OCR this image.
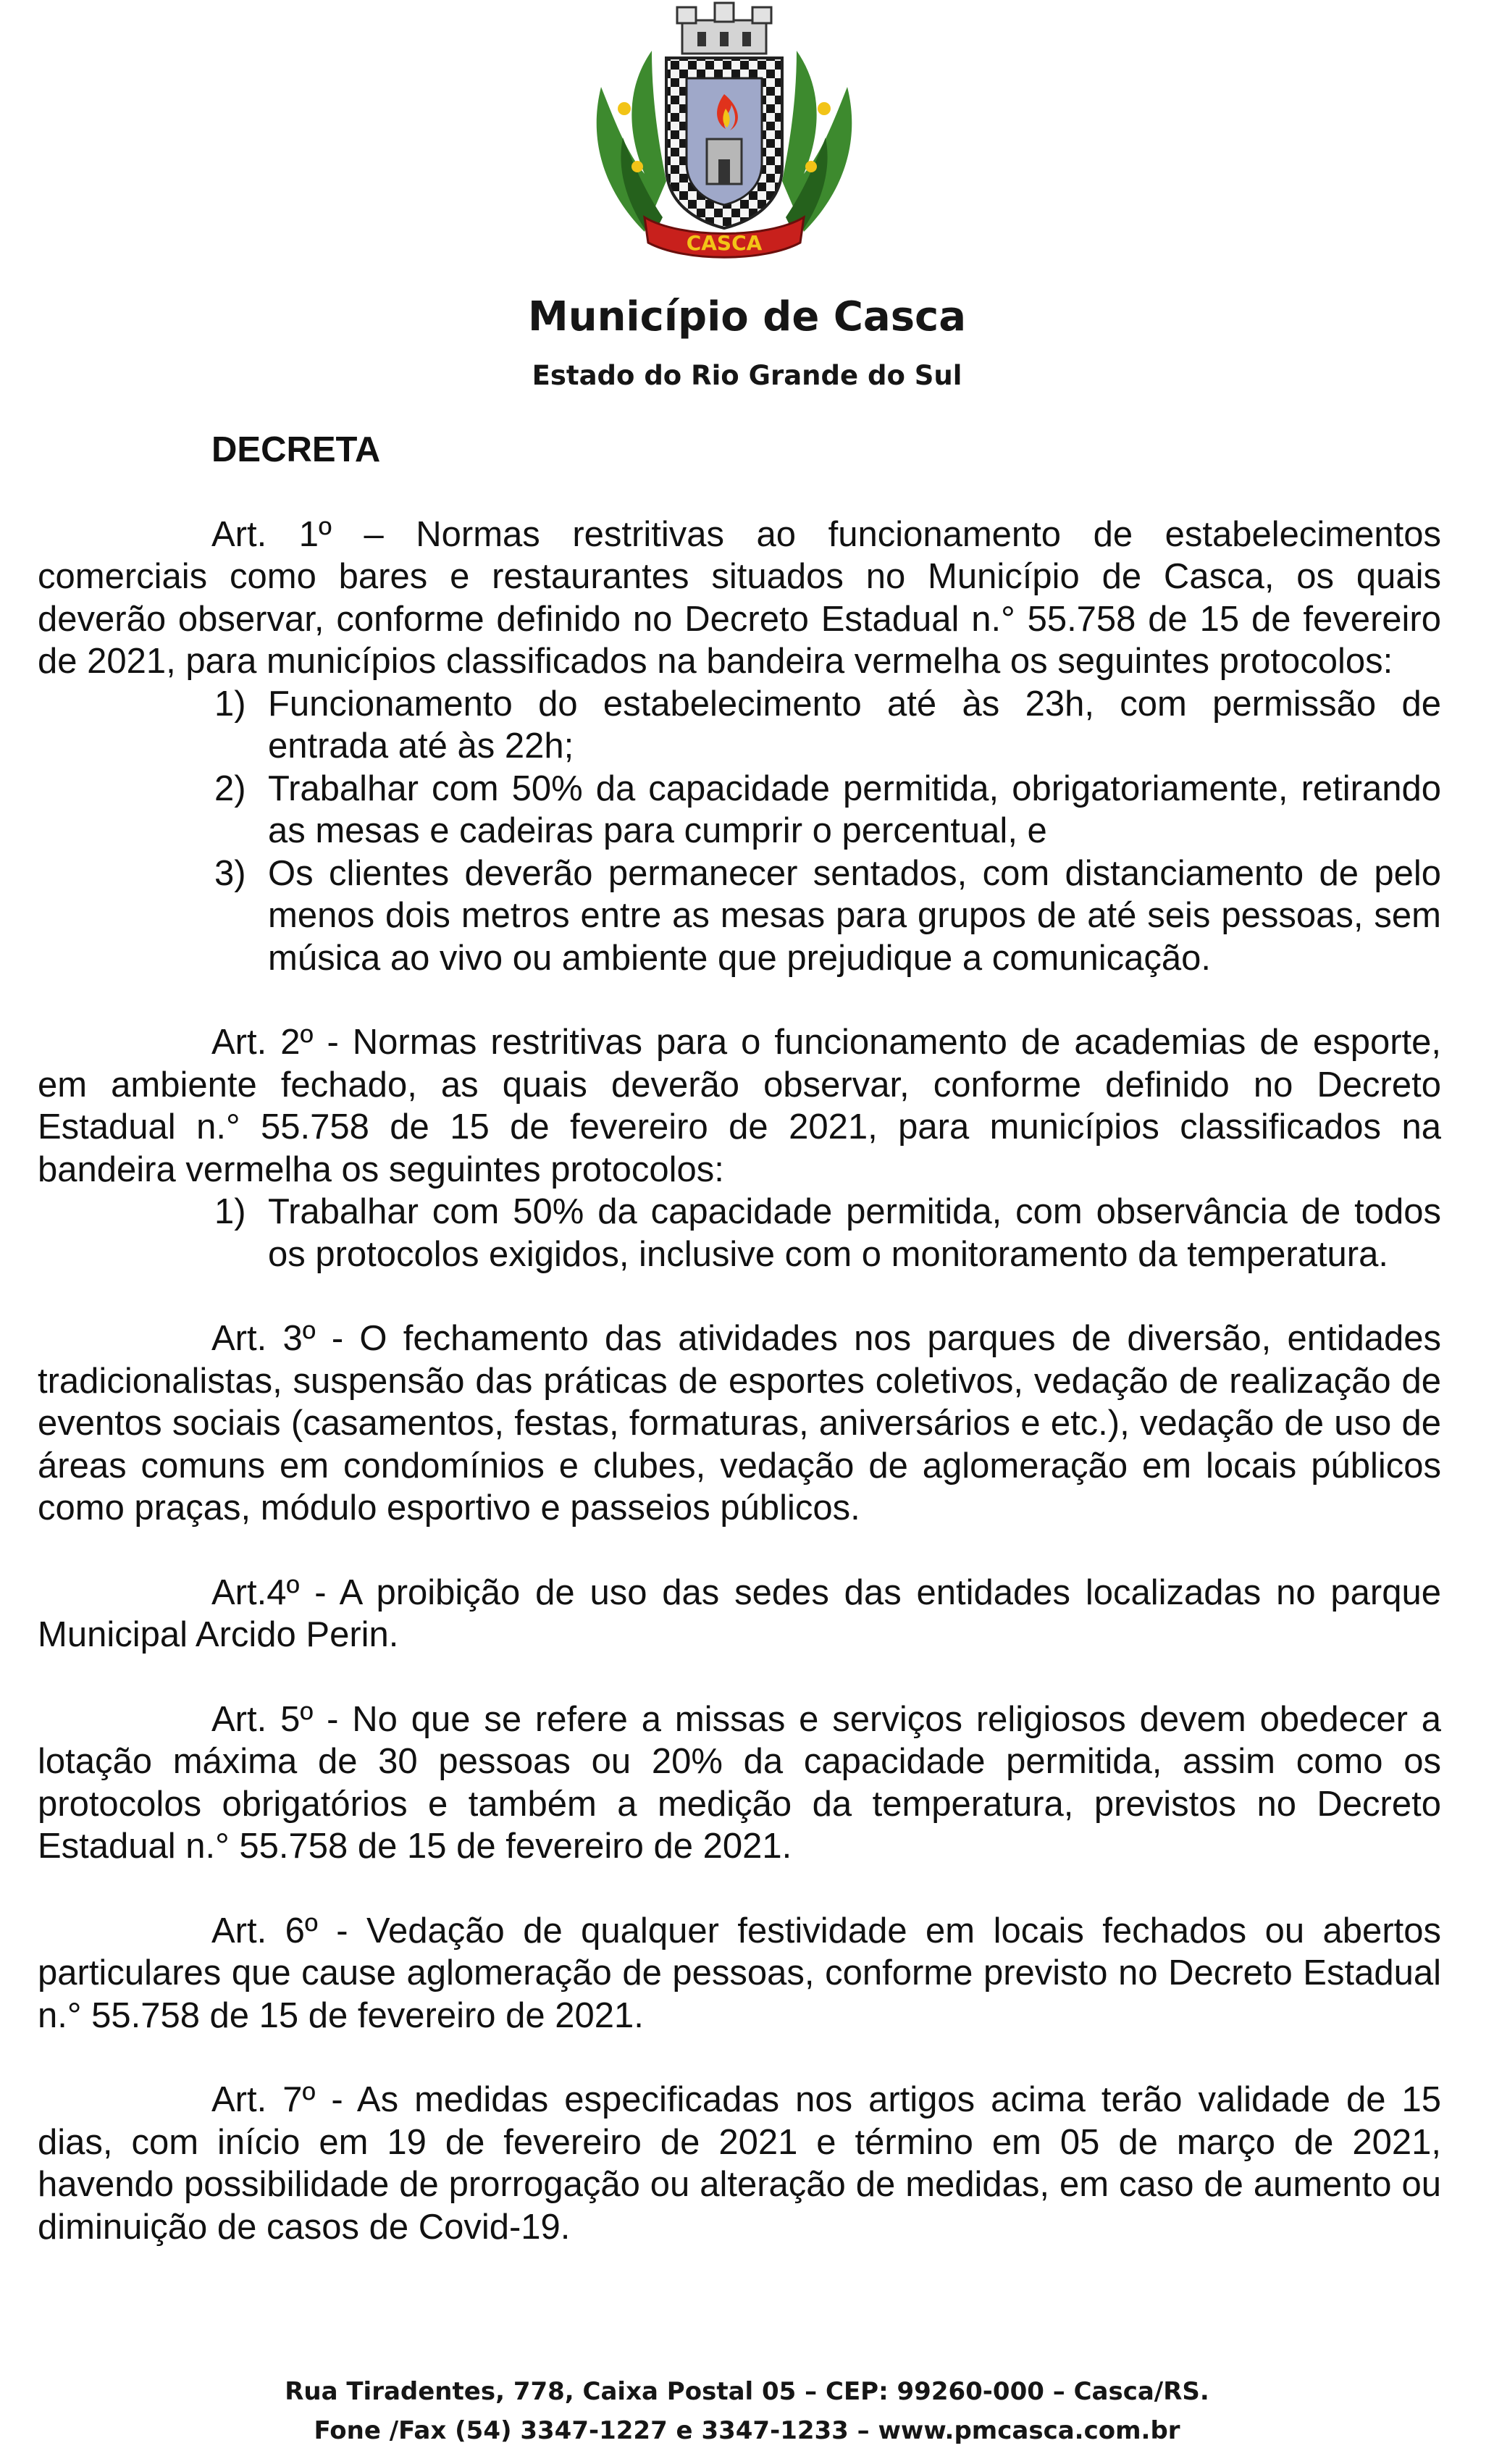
CASCA
Município de Casca
Estado do Rio Grande do Sul
DECRETA

Art. 1º – Normas restritivas ao funcionamento de estabelecimentos comerciais como bares e restaurantes situados no Município de Casca, os quais deverão observar, conforme definido no Decreto Estadual n.° 55.758 de 15 de fevereiro de 2021, para municípios classificados na bandeira vermelha os seguintes protocolos:

1) Funcionamento do estabelecimento até às 23h, com permissão de entrada até às 22h;
2) Trabalhar com 50% da capacidade permitida, obrigatoriamente, retirando as mesas e cadeiras para cumprir o percentual, e
3) Os clientes deverão permanecer sentados, com distanciamento de pelo menos dois metros entre as mesas para grupos de até seis pessoas, sem música ao vivo ou ambiente que prejudique a comunicação.

Art. 2º - Normas restritivas para o funcionamento de academias de esporte, em ambiente fechado, as quais deverão observar, conforme definido no Decreto Estadual n.° 55.758 de 15 de fevereiro de 2021, para municípios classificados na bandeira vermelha os seguintes protocolos:

1) Trabalhar com 50% da capacidade permitida, com observância de todos os protocolos exigidos, inclusive com o monitoramento da temperatura.

Art. 3º - O fechamento das atividades nos parques de diversão, entidades tradicionalistas, suspensão das práticas de esportes coletivos, vedação de realização de eventos sociais (casamentos, festas, formaturas, aniversários e etc.), vedação de uso de áreas comuns em condomínios e clubes, vedação de aglomeração em locais públicos como praças, módulo esportivo e passeios públicos.

Art.4º - A proibição de uso das sedes das entidades localizadas no parque Municipal Arcido Perin.

Art. 5º - No que se refere a missas e serviços religiosos devem obedecer a lotação máxima de 30 pessoas ou 20% da capacidade permitida, assim como os protocolos obrigatórios e também a medição da temperatura, previstos no Decreto Estadual n.° 55.758 de 15 de fevereiro de 2021.

Art. 6º - Vedação de qualquer festividade em locais fechados ou abertos particulares que cause aglomeração de pessoas, conforme previsto no Decreto Estadual n.° 55.758 de 15 de fevereiro de 2021.

Art. 7º - As medidas especificadas nos artigos acima terão validade de 15 dias, com início em 19 de fevereiro de 2021 e término em 05 de março de 2021, havendo possibilidade de prorrogação ou alteração de medidas, em caso de aumento ou diminuição de casos de Covid-19.

Rua Tiradentes, 778, Caixa Postal 05 – CEP: 99260-000 – Casca/RS.
Fone /Fax (54) 3347-1227 e 3347-1233 – www.pmcasca.com.br
